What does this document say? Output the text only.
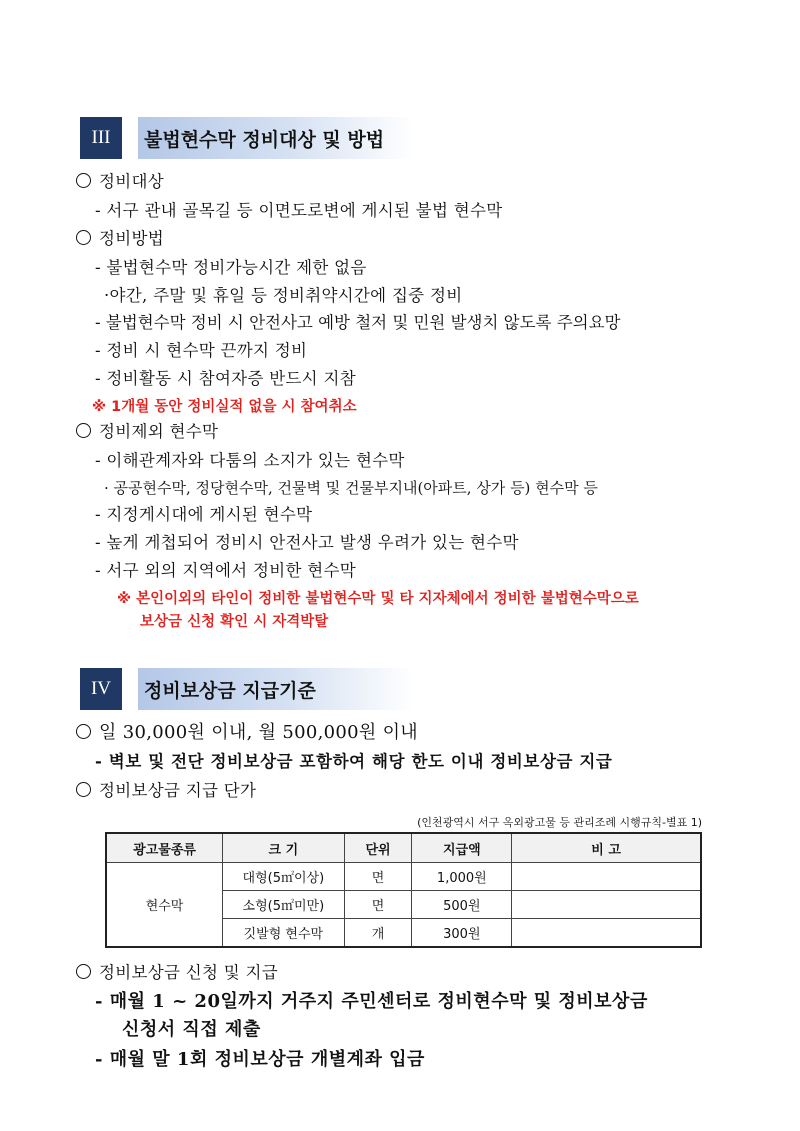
III	불법현수막 정비대상 및 방법
정비대상
- 서구 관내 골목길 등 이면도로변에 게시된 불법 현수막
정비방법
- 불법현수막 정비가능시간 제한 없음
·야간, 주말 및 휴일 등 정비취약시간에 집중 정비
- 불법현수막 정비 시 안전사고 예방 철저 및 민원 발생치 않도록 주의요망
- 정비 시 현수막 끈까지 정비
- 정비활동 시 참여자증 반드시 지참
※ 1개월 동안 정비실적 없을 시 참여취소
정비제외 현수막
- 이해관계자와 다툼의 소지가 있는 현수막
· 공공현수막, 정당현수막, 건물벽 및 건물부지내(아파트, 상가 등) 현수막 등
- 지정게시대에 게시된 현수막
- 높게 게첩되어 정비시 안전사고 발생 우려가 있는 현수막
- 서구 외의 지역에서 정비한 현수막
※ 본인이외의 타인이 정비한 불법현수막 및 타 지자체에서 정비한 불법현수막으로
보상금 신청 확인 시 자격박탈
IV	정비보상금 지급기준
일 30,000원 이내, 월 500,000원 이내
- 벽보 및 전단 정비보상금 포함하여 해당 한도 이내 정비보상금 지급
정비보상금 지급 단가
(인천광역시 서구 옥외광고물 등 관리조례 시행규칙-별표 1)
광고물종류	크 기	단위	지급액	비 고
현수막	대형(5㎡이상)	면	1,000원	
	소형(5㎡미만)	면	500원	
	깃발형 현수막	개	300원	
정비보상금 신청 및 지급
- 매월 1 ~ 20일까지 거주지 주민센터로 정비현수막 및 정비보상금
신청서 직접 제출
- 매월 말 1회 정비보상금 개별계좌 입금
